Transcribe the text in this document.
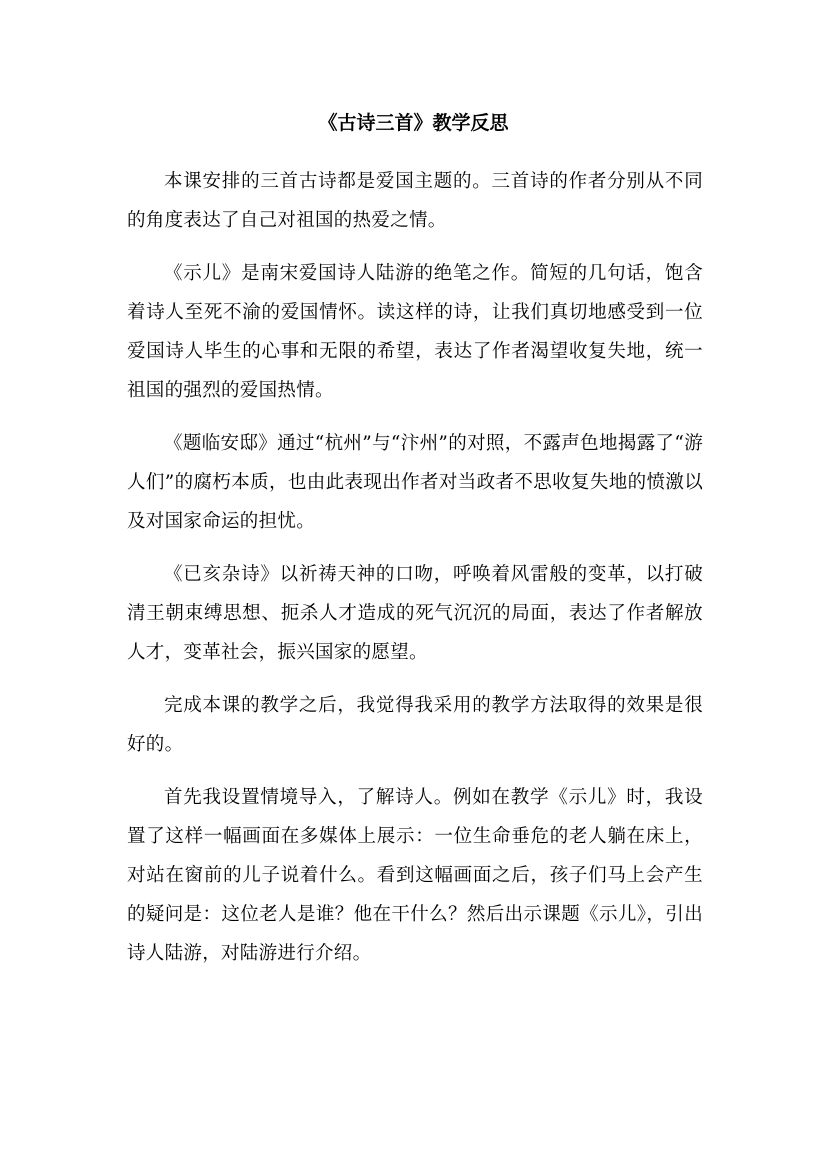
《古诗三首》教学反思

本课安排的三首古诗都是爱国主题的。三首诗的作者分别从不同的角度表达了自己对祖国的热爱之情。

《示儿》是南宋爱国诗人陆游的绝笔之作。简短的几句话，饱含着诗人至死不渝的爱国情怀。读这样的诗，让我们真切地感受到一位爱国诗人毕生的心事和无限的希望，表达了作者渴望收复失地，统一祖国的强烈的爱国热情。

《题临安邸》通过“杭州”与“汴州”的对照，不露声色地揭露了“游人们”的腐朽本质，也由此表现出作者对当政者不思收复失地的愤激以及对国家命运的担忧。

《已亥杂诗》以祈祷天神的口吻，呼唤着风雷般的变革，以打破清王朝束缚思想、扼杀人才造成的死气沉沉的局面，表达了作者解放人才，变革社会，振兴国家的愿望。

完成本课的教学之后，我觉得我采用的教学方法取得的效果是很好的。

首先我设置情境导入，了解诗人。例如在教学《示儿》时，我设置了这样一幅画面在多媒体上展示：一位生命垂危的老人躺在床上，对站在窗前的儿子说着什么。看到这幅画面之后，孩子们马上会产生的疑问是：这位老人是谁？他在干什么？然后出示课题《示儿》，引出诗人陆游，对陆游进行介绍。
